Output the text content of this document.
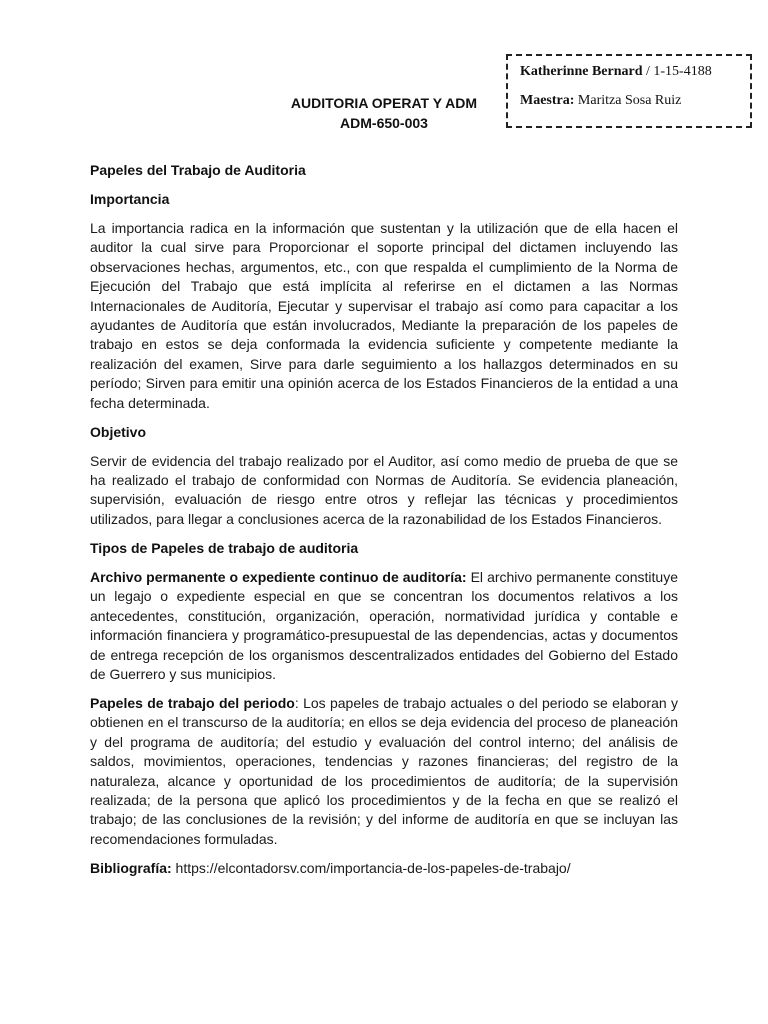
Katherinne Bernard / 1-15-4188
Maestra: Maritza Sosa Ruiz
AUDITORIA OPERAT Y ADM
ADM-650-003
Papeles del Trabajo de Auditoria
Importancia

La importancia radica en la información que sustentan y la utilización que de ella hacen el auditor la cual sirve para Proporcionar el soporte principal del dictamen incluyendo las observaciones hechas, argumentos, etc., con que respalda el cumplimiento de la Norma de Ejecución del Trabajo que está implícita al referirse en el dictamen a las Normas Internacionales de Auditoría, Ejecutar y supervisar el trabajo así como para capacitar a los ayudantes de Auditoría que están involucrados, Mediante la preparación de los papeles de trabajo en estos se deja conformada la evidencia suficiente y competente mediante la realización del examen, Sirve para darle seguimiento a los hallazgos determinados en su período; Sirven para emitir una opinión acerca de los Estados Financieros de la entidad a una fecha determinada.

Objetivo

Servir de evidencia del trabajo realizado por el Auditor, así como medio de prueba de que se ha realizado el trabajo de conformidad con Normas de Auditoría. Se evidencia planeación, supervisión, evaluación de riesgo entre otros y reflejar las técnicas y procedimientos utilizados, para llegar a conclusiones acerca de la razonabilidad de los Estados Financieros.

Tipos de Papeles de trabajo de auditoria

Archivo permanente o expediente continuo de auditoría: El archivo permanente constituye un legajo o expediente especial en que se concentran los documentos relativos a los antecedentes, constitución, organización, operación, normatividad jurídica y contable e información financiera y programático-presupuestal de las dependencias, actas y documentos de entrega recepción de los organismos descentralizados entidades del Gobierno del Estado de Guerrero y sus municipios.

Papeles de trabajo del periodo: Los papeles de trabajo actuales o del periodo se elaboran y obtienen en el transcurso de la auditoría; en ellos se deja evidencia del proceso de planeación y del programa de auditoría; del estudio y evaluación del control interno; del análisis de saldos, movimientos, operaciones, tendencias y razones financieras; del registro de la naturaleza, alcance y oportunidad de los procedimientos de auditoría; de la supervisión realizada; de la persona que aplicó los procedimientos y de la fecha en que se realizó el trabajo; de las conclusiones de la revisión; y del informe de auditoría en que se incluyan las recomendaciones formuladas.

Bibliografía: https://elcontadorsv.com/importancia-de-los-papeles-de-trabajo/
